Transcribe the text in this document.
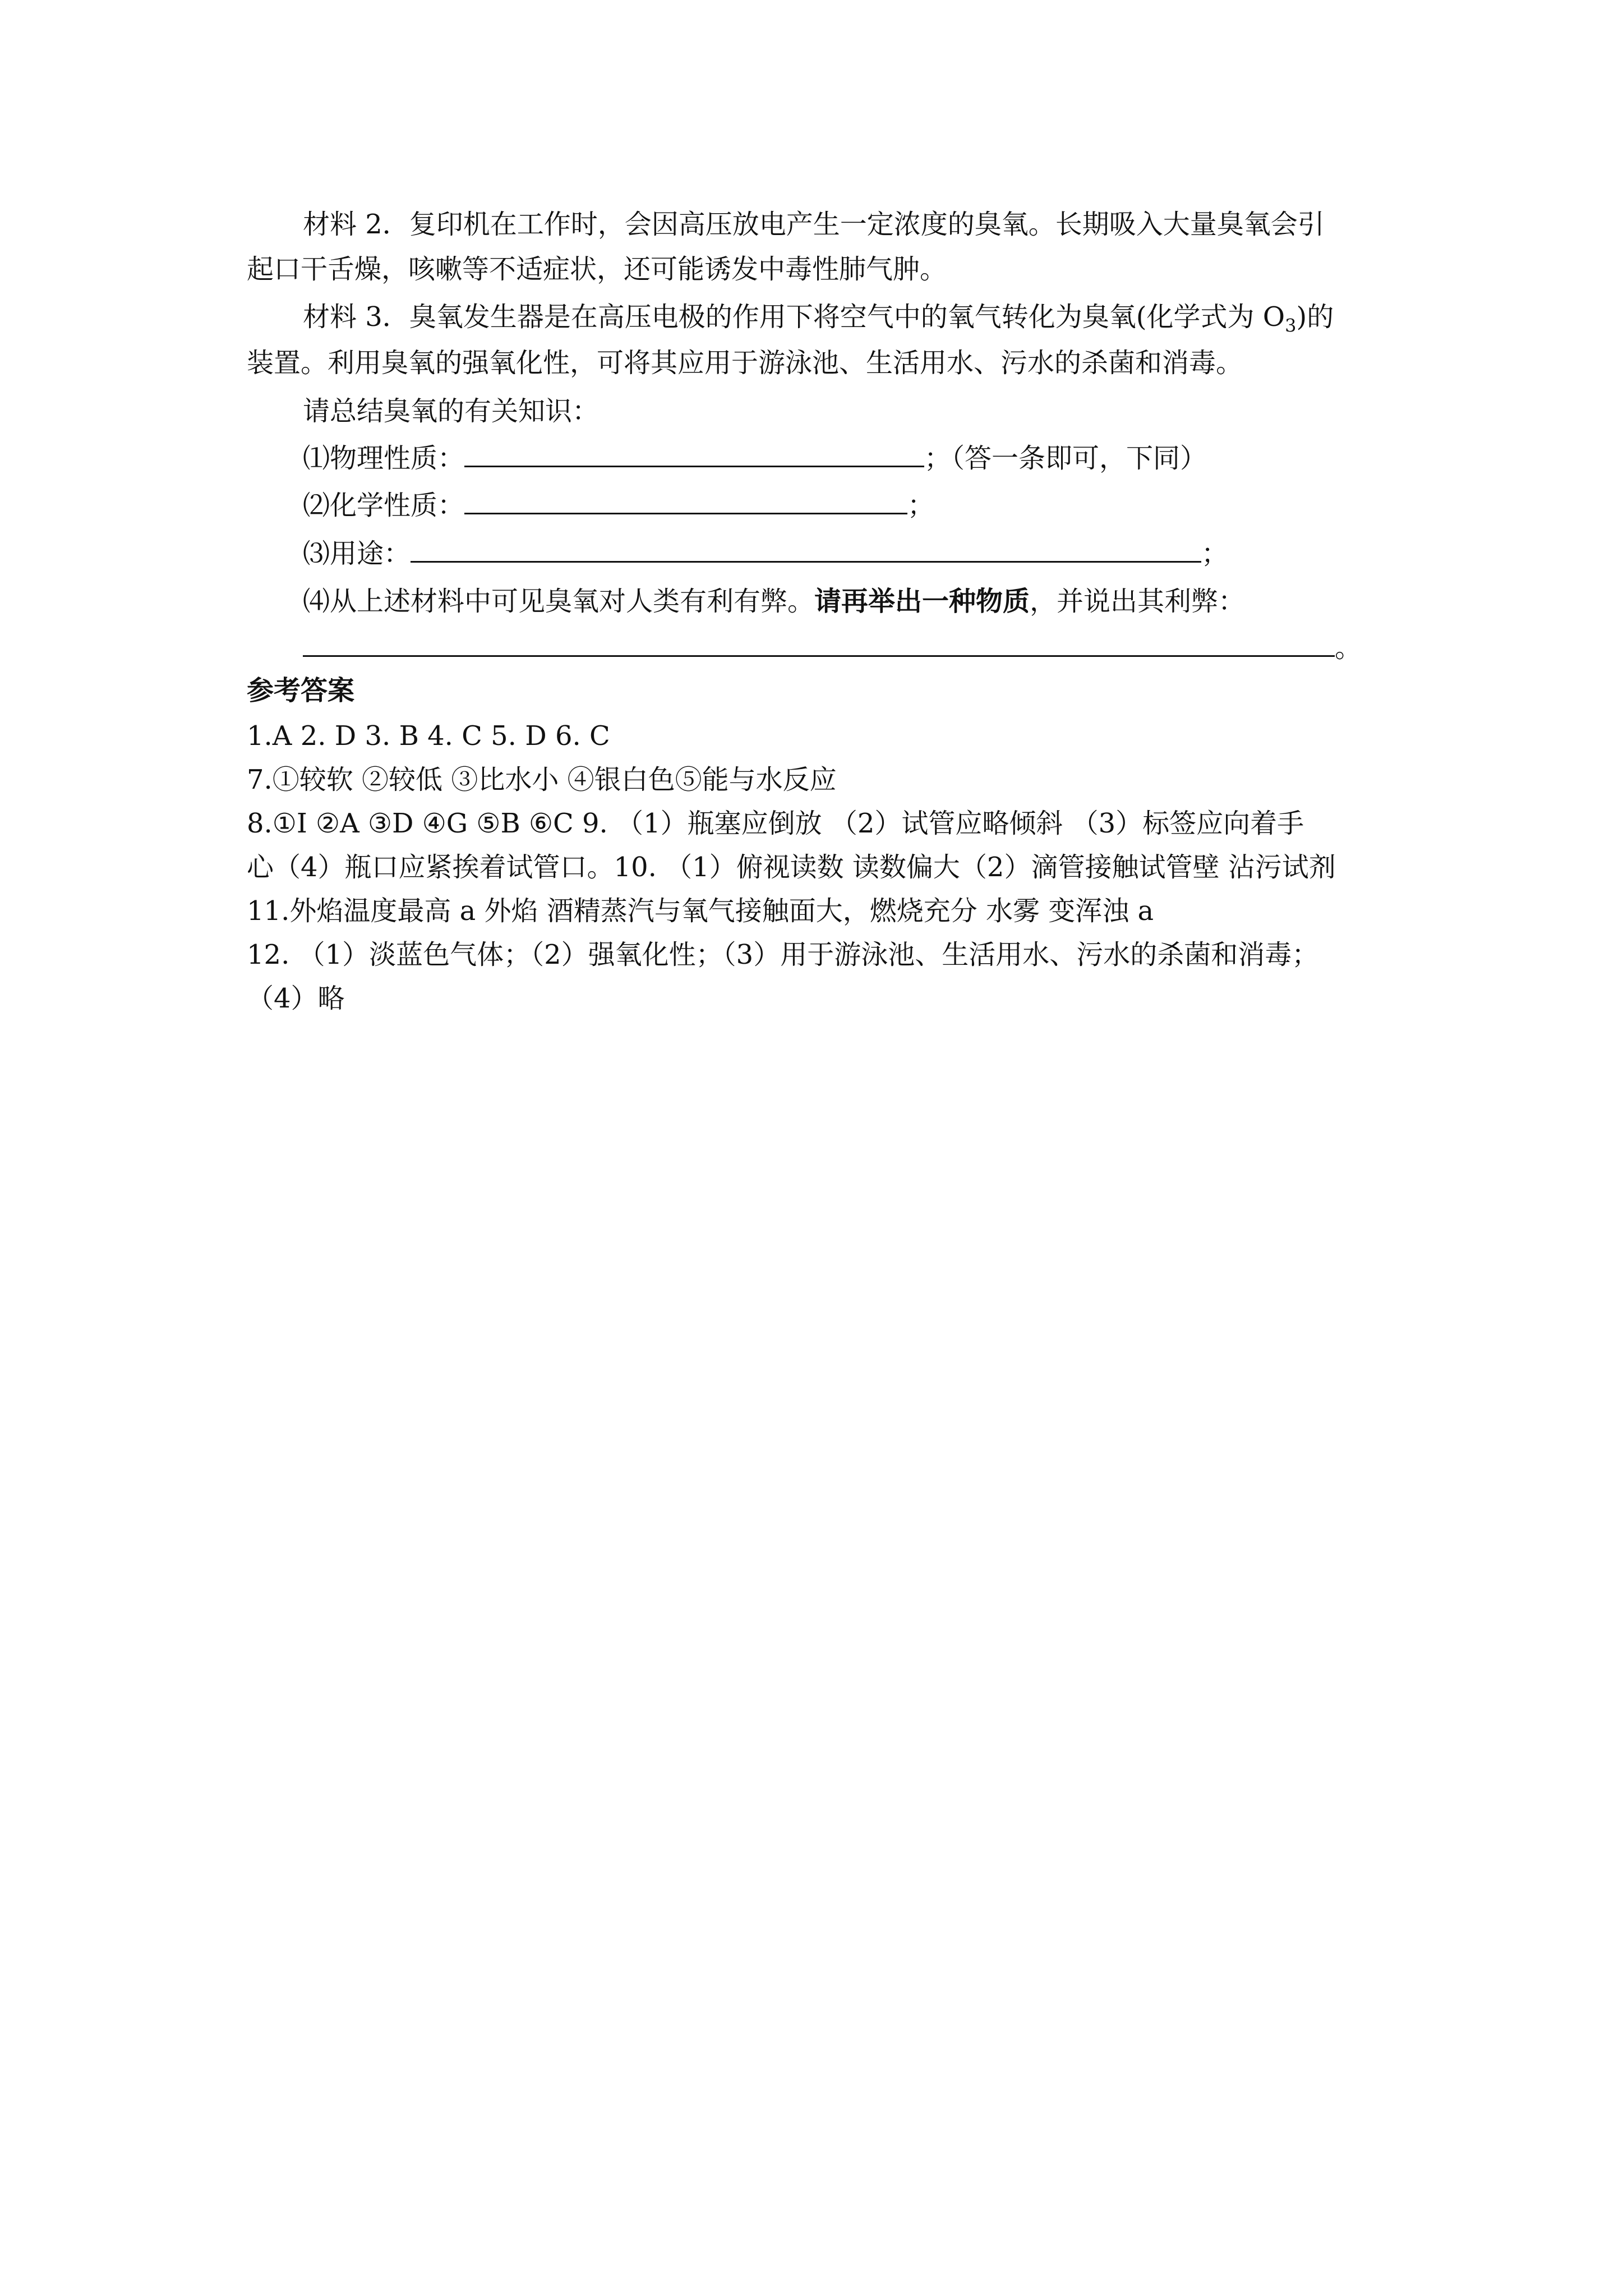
材料 2．复印机在工作时，会因高压放电产生一定浓度的臭氧。长期吸入大量臭氧会引
起口干舌燥，咳嗽等不适症状，还可能诱发中毒性肺气肿。
材料 3．臭氧发生器是在高压电极的作用下将空气中的氧气转化为臭氧(化学式为 $O_3$)的
装置。利用臭氧的强氧化性，可将其应用于游泳池、生活用水、污水的杀菌和消毒。
请总结臭氧的有关知识：
⑴物理性质：	；（答一条即可，下同）
⑵化学性质：	；
⑶用途：	；
⑷从上述材料中可见臭氧对人类有利有弊。请再举出一种物质，并说出其利弊：
。
参考答案
1.A 2. D 3. B 4. C 5. D 6. C
7.①较软 ②较低 ③比水小 ④银白色⑤能与水反应
8.①I ②A ③D ④G ⑤B ⑥C 9. （1）瓶塞应倒放 （2）试管应略倾斜 （3）标签应向着手
心（4）瓶口应紧挨着试管口。10. （1）俯视读数 读数偏大（2）滴管接触试管壁 沾污试剂
11.外焰温度最高 a 外焰 酒精蒸汽与氧气接触面大，燃烧充分 水雾 变浑浊 a
12. （1）淡蓝色气体；（2）强氧化性；（3）用于游泳池、生活用水、污水的杀菌和消毒；
（4）略
